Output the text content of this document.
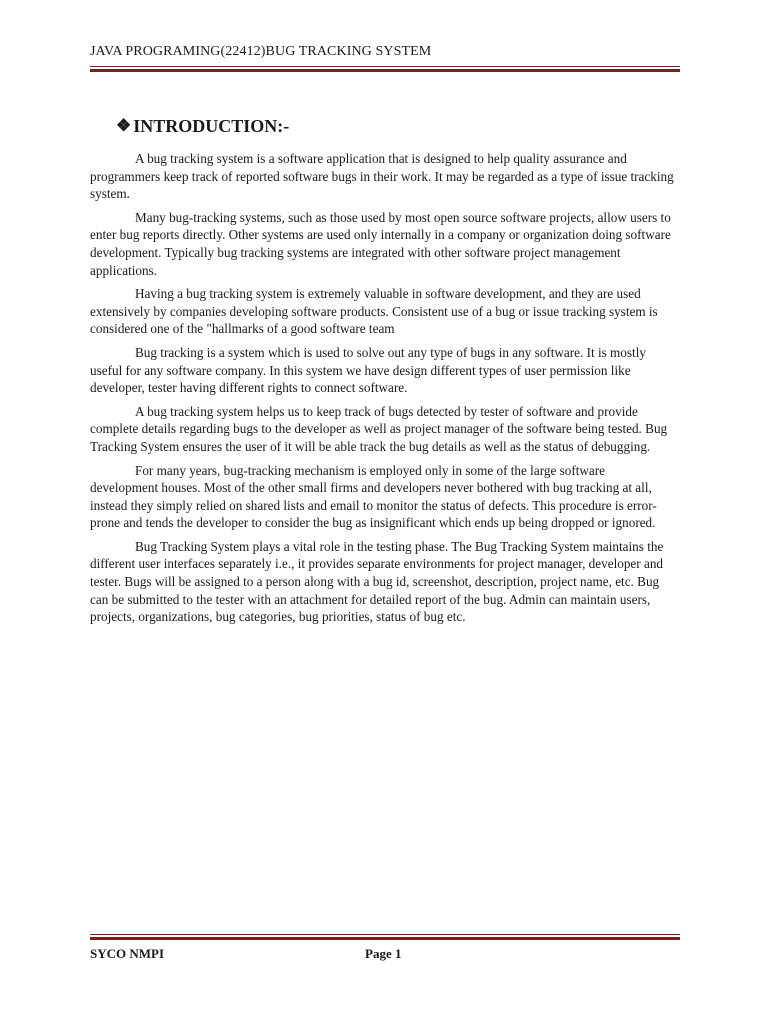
JAVA PROGRAMING(22412)BUG TRACKING SYSTEM
❖ INTRODUCTION:-

A bug tracking system is a software application that is designed to help quality assurance and programmers keep track of reported software bugs in their work. It may be regarded as a type of issue tracking system.

Many bug-tracking systems, such as those used by most open source software projects, allow users to enter bug reports directly. Other systems are used only internally in a company or organization doing software development. Typically bug tracking systems are integrated with other software project management applications.

Having a bug tracking system is extremely valuable in software development, and they are used extensively by companies developing software products. Consistent use of a bug or issue tracking system is considered one of the "hallmarks of a good software team

Bug tracking is a system which is used to solve out any type of bugs in any software. It is mostly useful for any software company. In this system we have design different types of user permission like developer, tester having different rights to connect software.

A bug tracking system helps us to keep track of bugs detected by tester of software and provide complete details regarding bugs to the developer as well as project manager of the software being tested. Bug Tracking System ensures the user of it will be able track the bug details as well as the status of debugging.

For many years, bug-tracking mechanism is employed only in some of the large software development houses. Most of the other small firms and developers never bothered with bug tracking at all, instead they simply relied on shared lists and email to monitor the status of defects. This procedure is error-prone and tends the developer to consider the bug as insignificant which ends up being dropped or ignored.

Bug Tracking System plays a vital role in the testing phase. The Bug Tracking System maintains the different user interfaces separately i.e., it provides separate environments for project manager, developer and tester. Bugs will be assigned to a person along with a bug id, screenshot, description, project name, etc. Bug can be submitted to the tester with an attachment for detailed report of the bug. Admin can maintain users, projects, organizations, bug categories, bug priorities, status of bug etc.

SYCO NMPI	Page 1
